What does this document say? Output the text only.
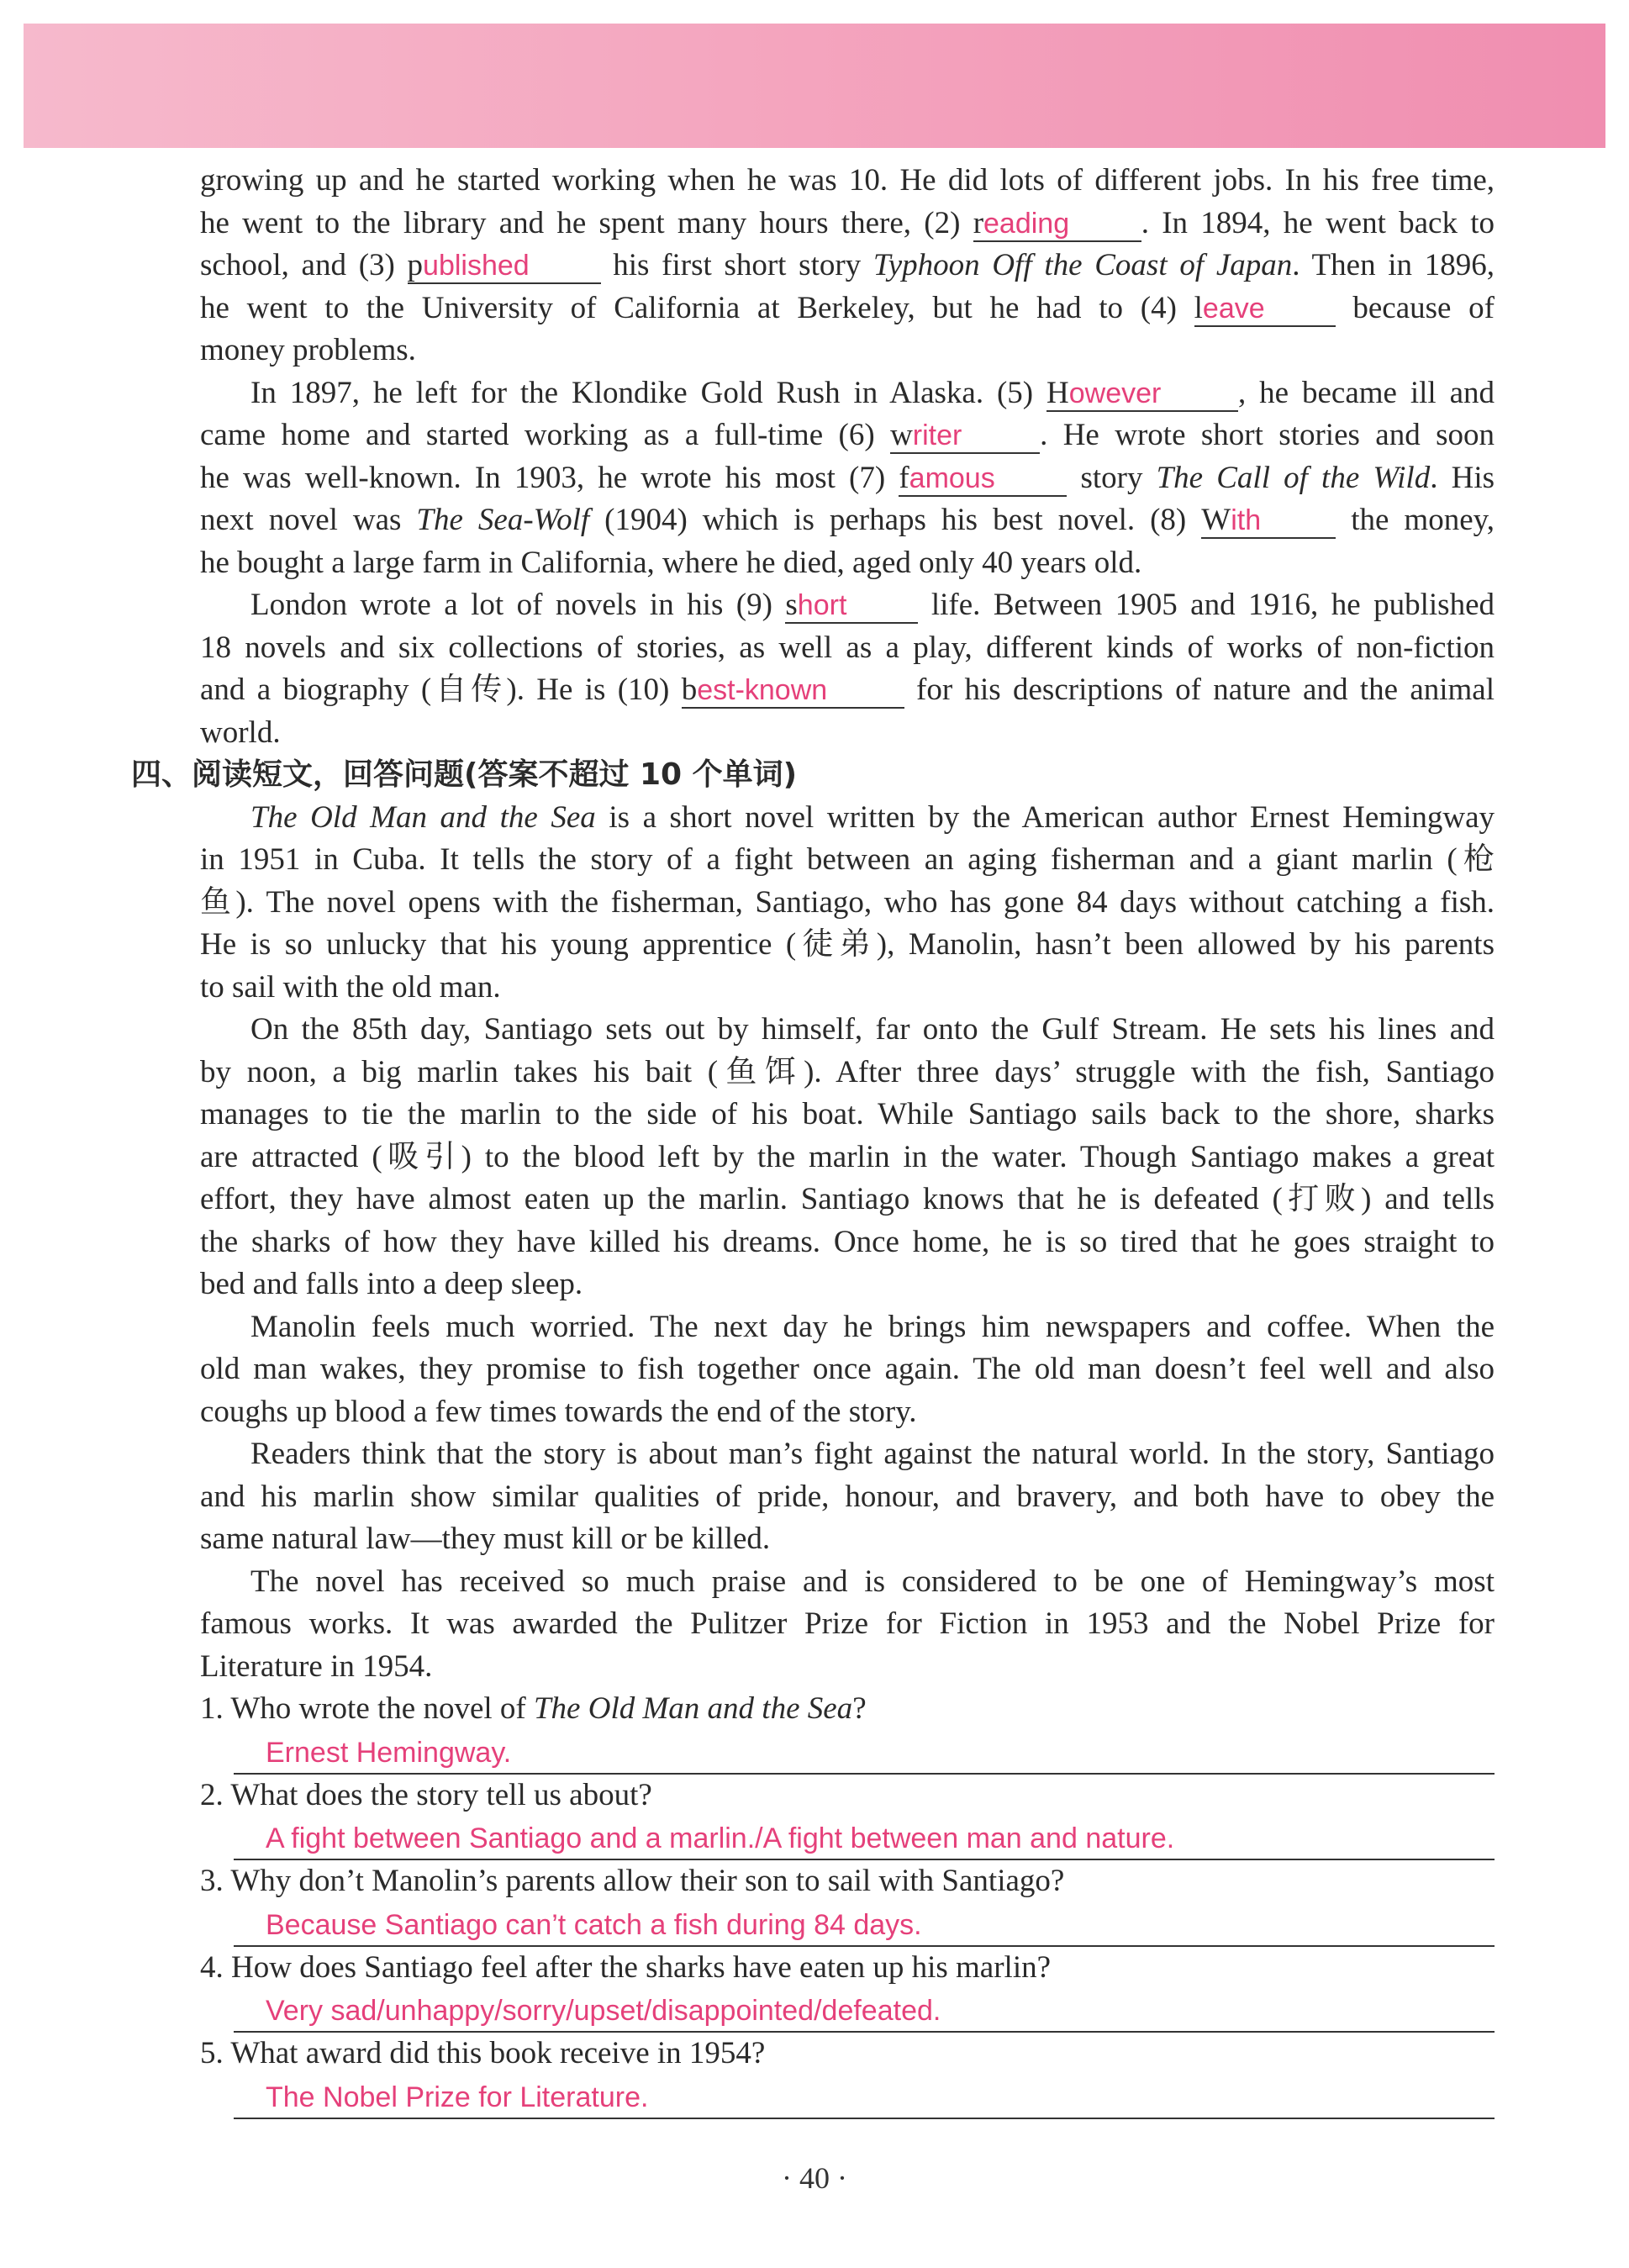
growing up and he started working when he was 10. He did lots of different jobs. In his free time,
he went to the library and he spent many hours there, (2) reading . In 1894, he went back to
school, and (3) published his first short story Typhoon Off the Coast of Japan. Then in 1896,
he went to the University of California at Berkeley, but he had to (4) leave because of
money problems.
In 1897, he left for the Klondike Gold Rush in Alaska. (5) However , he became ill and
came home and started working as a full-time (6) writer	. He wrote short stories and soon
he was well-known. In 1903, he wrote his most (7) famous story The Call of the Wild. His
next novel was The Sea-Wolf (1904) which is perhaps his best novel. (8) With the money,
he bought a large farm in California, where he died, aged only 40 years old.
London wrote a lot of novels in his (9) short life. Between 1905 and 1916, he published
18 novels and six collections of stories, as well as a play, different kinds of works of non-fiction
and a biography (自传). He is (10) best-known for his descriptions of nature and the animal
world.
四、阅读短文，回答问题(答案不超过 10 个单词)
The Old Man and the Sea is a short novel written by the American author Ernest Hemingway
in 1951 in Cuba. It tells the story of a fight between an aging fisherman and a giant marlin (枪
鱼). The novel opens with the fisherman, Santiago, who has gone 84 days without catching a fish.
He is so unlucky that his young apprentice (徒弟), Manolin, hasn’t been allowed by his parents
to sail with the old man.
On the 85th day, Santiago sets out by himself, far onto the Gulf Stream. He sets his lines and
by noon, a big marlin takes his bait (鱼饵). After three days’ struggle with the fish, Santiago
manages to tie the marlin to the side of his boat. While Santiago sails back to the shore, sharks
are attracted (吸引) to the blood left by the marlin in the water. Though Santiago makes a great
effort, they have almost eaten up the marlin. Santiago knows that he is defeated (打败) and tells
the sharks of how they have killed his dreams. Once home, he is so tired that he goes straight to
bed and falls into a deep sleep.
Manolin feels much worried. The next day he brings him newspapers and coffee. When the
old man wakes, they promise to fish together once again. The old man doesn’t feel well and also
coughs up blood a few times towards the end of the story.
Readers think that the story is about man’s fight against the natural world. In the story, Santiago
and his marlin show similar qualities of pride, honour, and bravery, and both have to obey the
same natural law—they must kill or be killed.
The novel has received so much praise and is considered to be one of Hemingway’s most
famous works. It was awarded the Pulitzer Prize for Fiction in 1953 and the Nobel Prize for
Literature in 1954.
1. Who wrote the novel of The Old Man and the Sea?
Ernest Hemingway.
2. What does the story tell us about?
A fight between Santiago and a marlin./A fight between man and nature.
3. Why don’t Manolin’s parents allow their son to sail with Santiago?
Because Santiago can’t catch a fish during 84 days.
4. How does Santiago feel after the sharks have eaten up his marlin?
Very sad/unhappy/sorry/upset/disappointed/defeated.
5. What award did this book receive in 1954?
The Nobel Prize for Literature.
· 40 ·
